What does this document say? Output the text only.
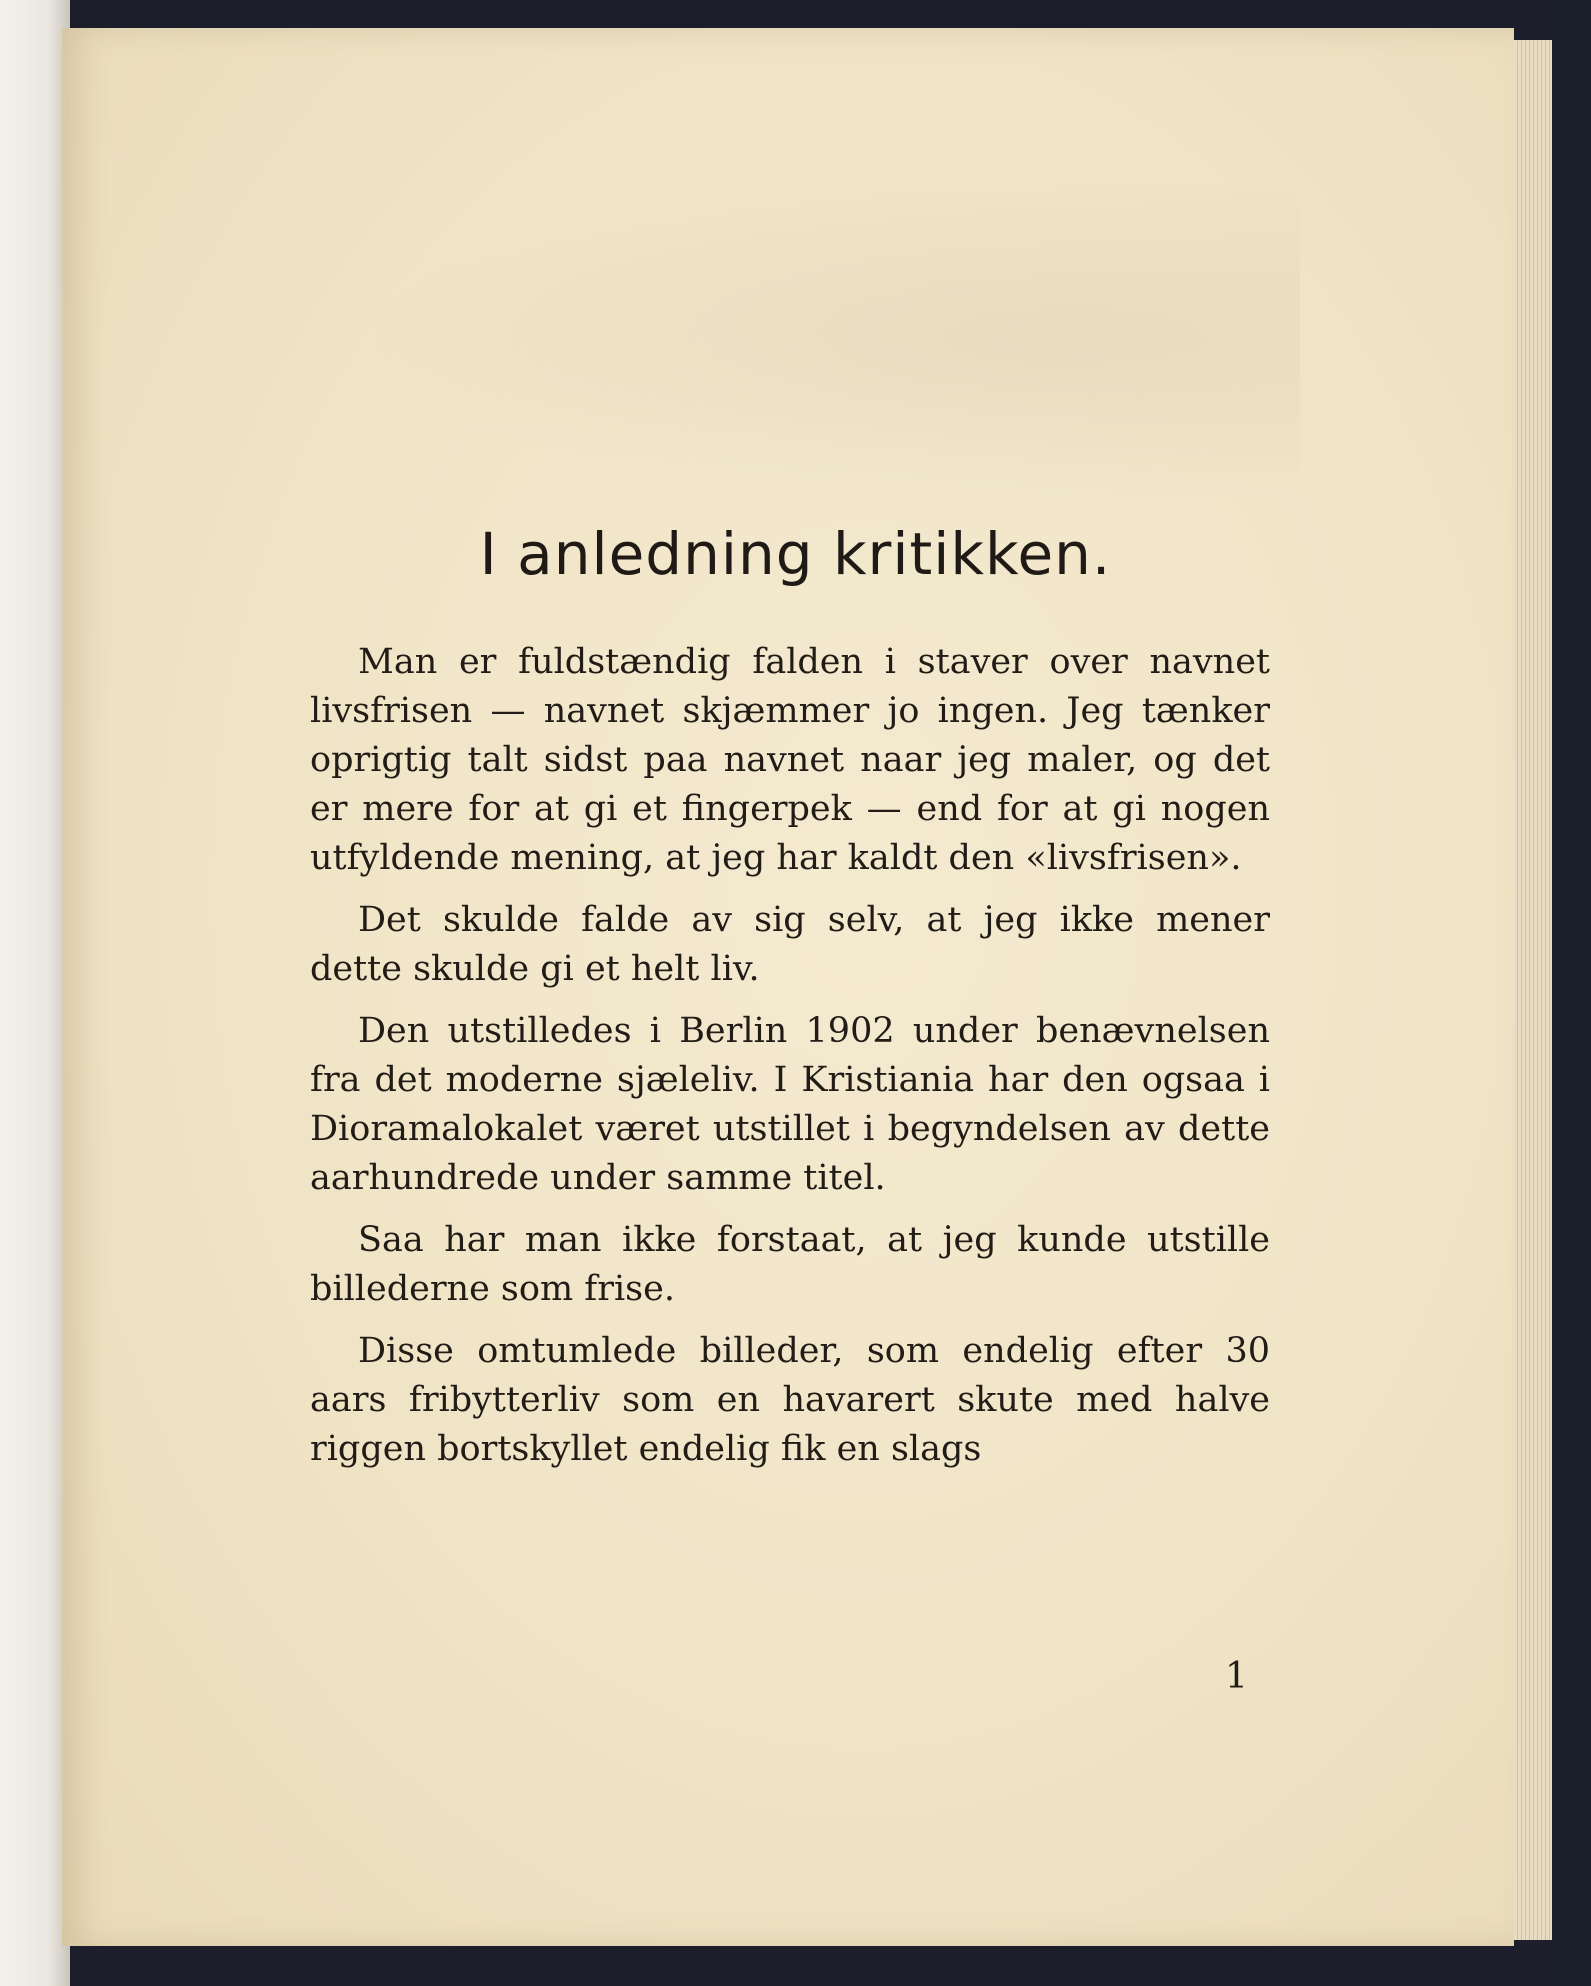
I anledning kritikken.

Man er fuldstændig falden i staver over navnet livsfrisen — navnet skjæmmer jo ingen. Jeg tænker oprigtig talt sidst paa navnet naar jeg maler, og det er mere for at gi et fingerpek — end for at gi nogen utfyldende mening, at jeg har kaldt den «livsfrisen».

Det skulde falde av sig selv, at jeg ikke mener dette skulde gi et helt liv.

Den utstilledes i Berlin 1902 under benævnelsen fra det moderne sjæleliv. I Kristiania har den ogsaa i Dioramalokalet været utstillet i begyndelsen av dette aarhundrede under samme titel.

Saa har man ikke forstaat, at jeg kunde utstille billederne som frise.

Disse omtumlede billeder, som endelig efter 30 aars fribytterliv som en havarert skute med halve riggen bortskyllet endelig fik en slags

1
